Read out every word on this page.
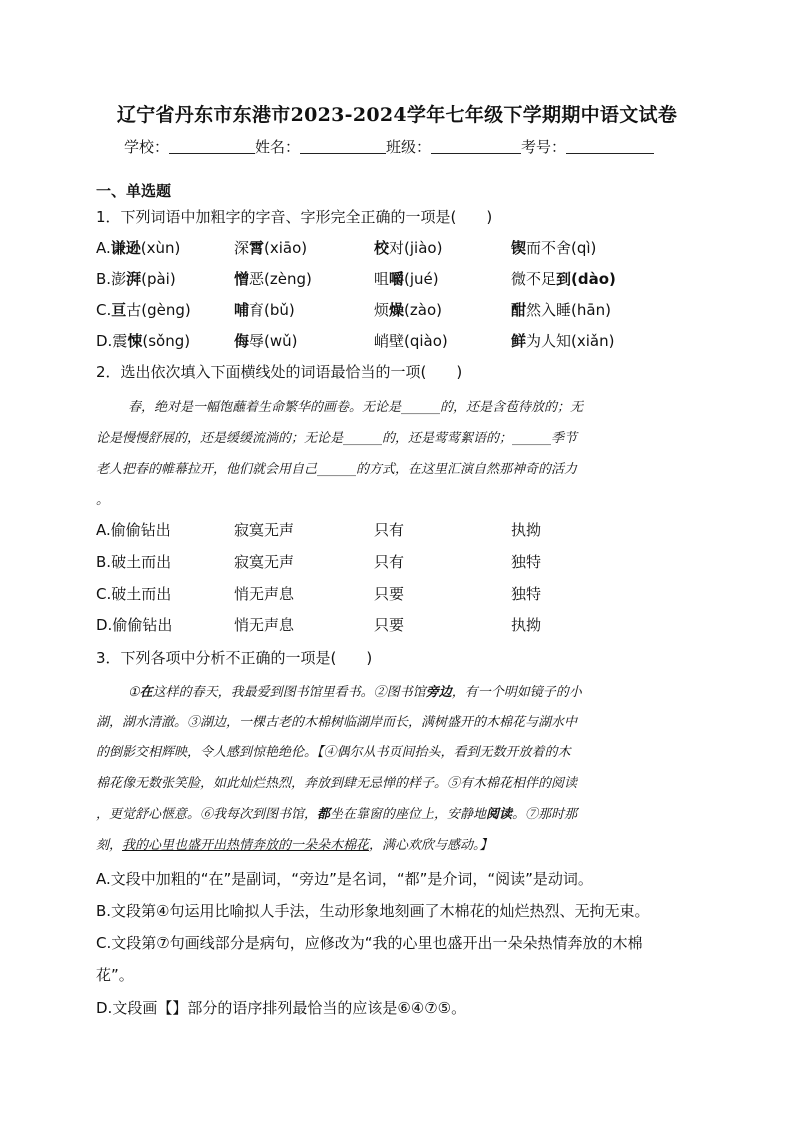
辽宁省丹东市东港市2023-2024学年七年级下学期期中语文试卷
学校：	姓名：	班级：	考号：
一、单选题
1．下列词语中加粗字的字音、字形完全正确的一项是(　　)
A.谦逊(xùn)	深霄(xiāo)	校对(jiào)	锲而不舍(qì)
B.澎湃(pài)	憎恶(zèng)	咀嚼(jué)	微不足到(dào)
C.亘古(gèng)	哺育(bǔ)	烦燥(zào)	酣然入睡(hān)
D.震悚(sǒng)	侮辱(wǔ)	峭壁(qiào)	鲜为人知(xiǎn)
2．选出依次填入下面横线处的词语最恰当的一项(　　)
春，绝对是一幅饱蘸着生命繁华的画卷。无论是______的，还是含苞待放的；无
论是慢慢舒展的，还是缓缓流淌的；无论是______的，还是莺莺絮语的；______季节
老人把春的帷幕拉开，他们就会用自己______的方式，在这里汇演自然那神奇的活力
。
A.偷偷钻出	寂寞无声	只有	执拗
B.破土而出	寂寞无声	只有	独特
C.破土而出	悄无声息	只要	独特
D.偷偷钻出	悄无声息	只要	执拗
3．下列各项中分析不正确的一项是(　　)
①在这样的春天，我最爱到图书馆里看书。②图书馆旁边，有一个明如镜子的小
湖，湖水清澈。③湖边，一棵古老的木棉树临湖岸而长，满树盛开的木棉花与湖水中
的倒影交相辉映，令人感到惊艳绝伦。【④偶尔从书页间抬头，看到无数开放着的木
棉花像无数张笑脸，如此灿烂热烈，奔放到肆无忌惮的样子。⑤有木棉花相伴的阅读
，更觉舒心惬意。⑥我每次到图书馆，都坐在靠窗的座位上，安静地阅读。⑦那时那
刻，我的心里也盛开出热情奔放的一朵朵木棉花，满心欢欣与感动。】
A.文段中加粗的“在”是副词，“旁边”是名词，“都”是介词，“阅读”是动词。
B.文段第④句运用比喻拟人手法，生动形象地刻画了木棉花的灿烂热烈、无拘无束。
C.文段第⑦句画线部分是病句，应修改为“我的心里也盛开出一朵朵热情奔放的木棉
花”。
D.文段画【】部分的语序排列最恰当的应该是⑥④⑦⑤。
